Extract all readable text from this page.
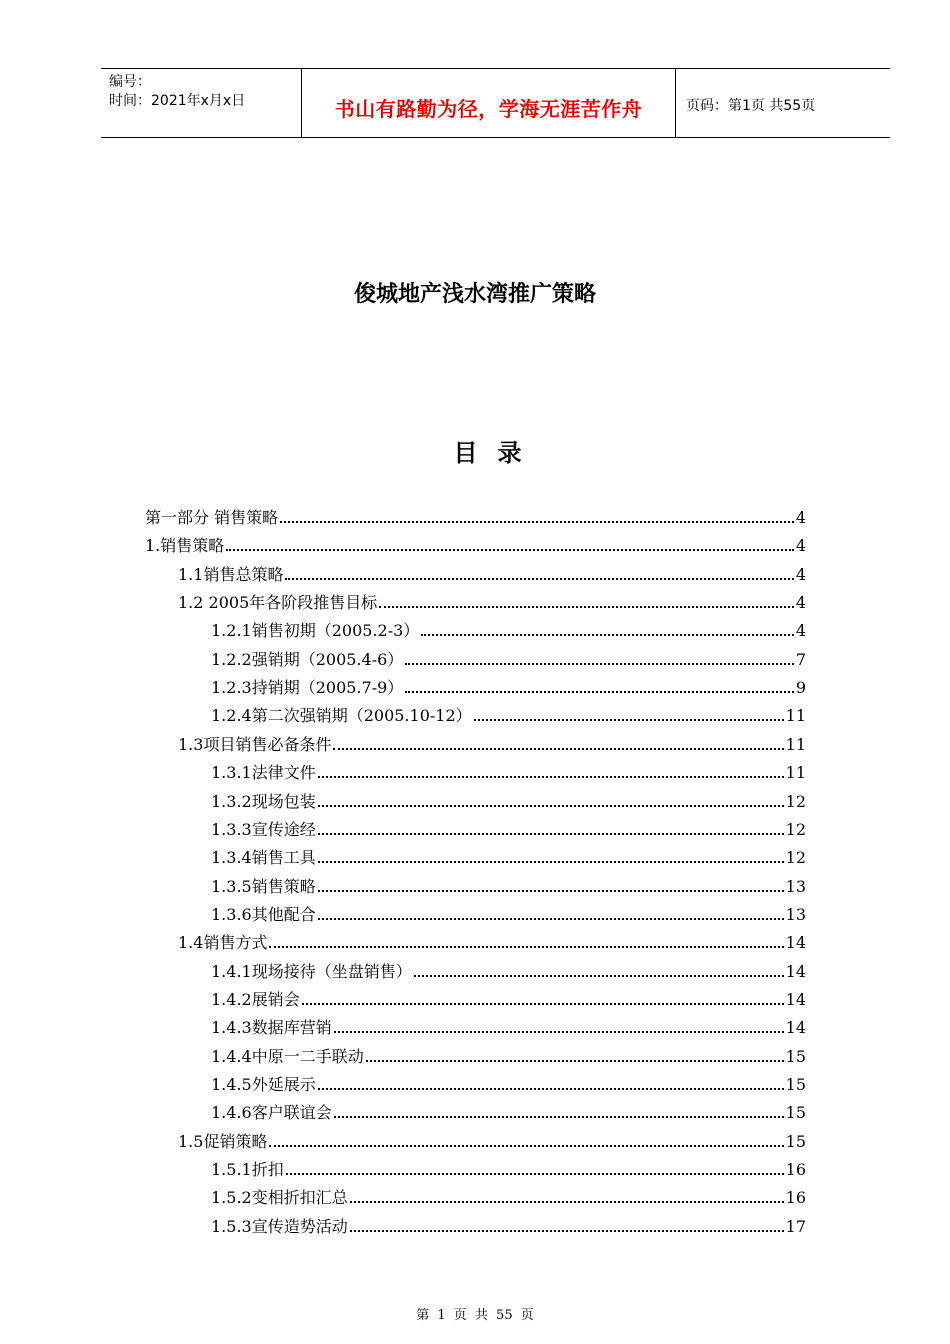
编号：
时间：2021年x月x日	书山有路勤为径，学海无涯苦作舟	页码：第1页 共55页
俊城地产浅水湾推广策略
目录
第一部分 销售策略	4
1.销售策略	4
1.1销售总策略	4
1.2 2005年各阶段推售目标	4
1.2.1销售初期（2005.2-3）	4
1.2.2强销期（2005.4-6）	7
1.2.3持销期（2005.7-9）	9
1.2.4第二次强销期（2005.10-12）	11
1.3项目销售必备条件	11
1.3.1法律文件	11
1.3.2现场包装	12
1.3.3宣传途经	12
1.3.4销售工具	12
1.3.5销售策略	13
1.3.6其他配合	13
1.4销售方式	14
1.4.1现场接待（坐盘销售）	14
1.4.2展销会	14
1.4.3数据库营销	14
1.4.4中原一二手联动	15
1.4.5外延展示	15
1.4.6客户联谊会	15
1.5促销策略	15
1.5.1折扣	16
1.5.2变相折扣汇总	16
1.5.3宣传造势活动	17
第 1 页 共 55 页
